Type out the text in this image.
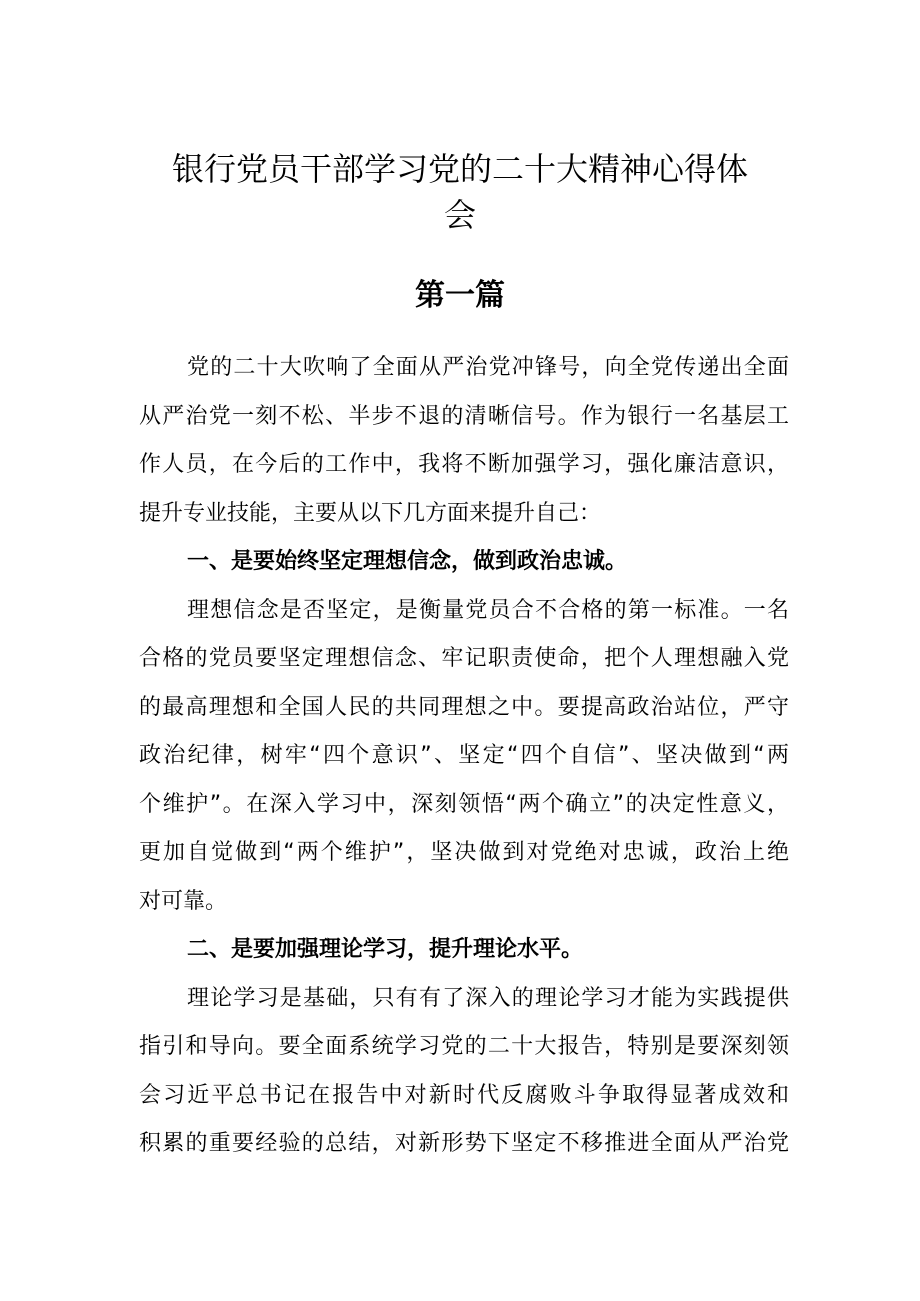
银行党员干部学习党的二十大精神心得体
会
第一篇
党的二十大吹响了全面从严治党冲锋号，向全党传递出全面
从严治党一刻不松、半步不退的清晰信号。作为银行一名基层工
作人员，在今后的工作中，我将不断加强学习，强化廉洁意识，
提升专业技能，主要从以下几方面来提升自己：
一、是要始终坚定理想信念，做到政治忠诚。
理想信念是否坚定，是衡量党员合不合格的第一标准。一名
合格的党员要坚定理想信念、牢记职责使命，把个人理想融入党
的最高理想和全国人民的共同理想之中。要提高政治站位，严守
政治纪律，树牢“四个意识”、坚定“四个自信”、坚决做到“两
个维护”。在深入学习中，深刻领悟“两个确立”的决定性意义，
更加自觉做到“两个维护”，坚决做到对党绝对忠诚，政治上绝
对可靠。
二、是要加强理论学习，提升理论水平。
理论学习是基础，只有有了深入的理论学习才能为实践提供
指引和导向。要全面系统学习党的二十大报告，特别是要深刻领
会习近平总书记在报告中对新时代反腐败斗争取得显著成效和
积累的重要经验的总结，对新形势下坚定不移推进全面从严治党
